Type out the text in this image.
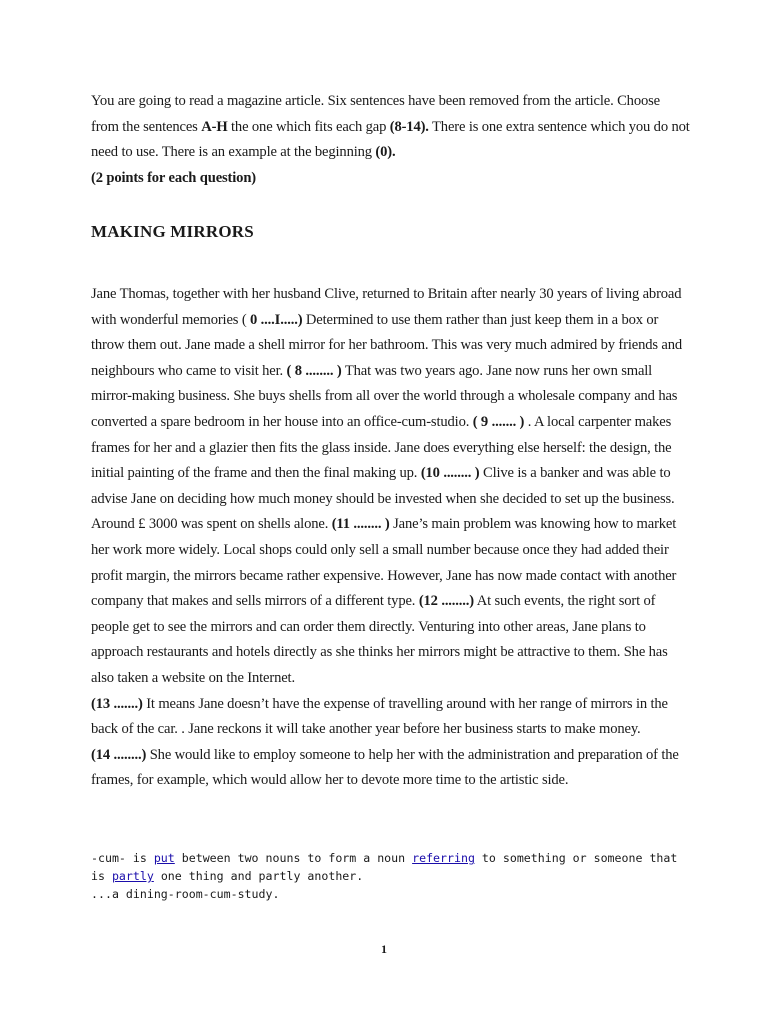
You are going to read a magazine article. Six sentences have been removed from the article. Choose from the sentences A-H the one which fits each gap (8-14). There is one extra sentence which you do not need to use. There is an example at the beginning (0).
(2 points for each question)
MAKING MIRRORS
Jane Thomas, together with her husband Clive, returned to Britain after nearly 30 years of living abroad with wonderful memories ( 0 ....I.....) Determined to use them rather than just keep them in a box or throw them out. Jane made a shell mirror for her bathroom. This was very much admired by friends and neighbours who came to visit her. ( 8 ........ ) That was two years ago. Jane now runs her own small mirror-making business. She buys shells from all over the world through a wholesale company and has converted a spare bedroom in her house into an office-cum-studio. ( 9 ....... ) . A local carpenter makes frames for her and a glazier then fits the glass inside. Jane does everything else herself: the design, the initial painting of the frame and then the final making up. (10 ........ ) Clive is a banker and was able to advise Jane on deciding how much money should be invested when she decided to set up the business. Around £ 3000 was spent on shells alone. (11 ........ ) Jane’s main problem was knowing how to market her work more widely. Local shops could only sell a small number because once they had added their profit margin, the mirrors became rather expensive. However, Jane has now made contact with another company that makes and sells mirrors of a different type. (12 ........) At such events, the right sort of people get to see the mirrors and can order them directly. Venturing into other areas, Jane plans to approach restaurants and hotels directly as she thinks her mirrors might be attractive to them. She has also taken a website on the Internet.
(13 .......) It means Jane doesn’t have the expense of travelling around with her range of mirrors in the back of the car. . Jane reckons it will take another year before her business starts to make money.
(14 ........) She would like to employ someone to help her with the administration and preparation of the frames, for example, which would allow her to devote more time to the artistic side.
-cum- is put between two nouns to form a noun referring to something or someone that is partly one thing and partly another.
...a dining-room-cum-study.
1
